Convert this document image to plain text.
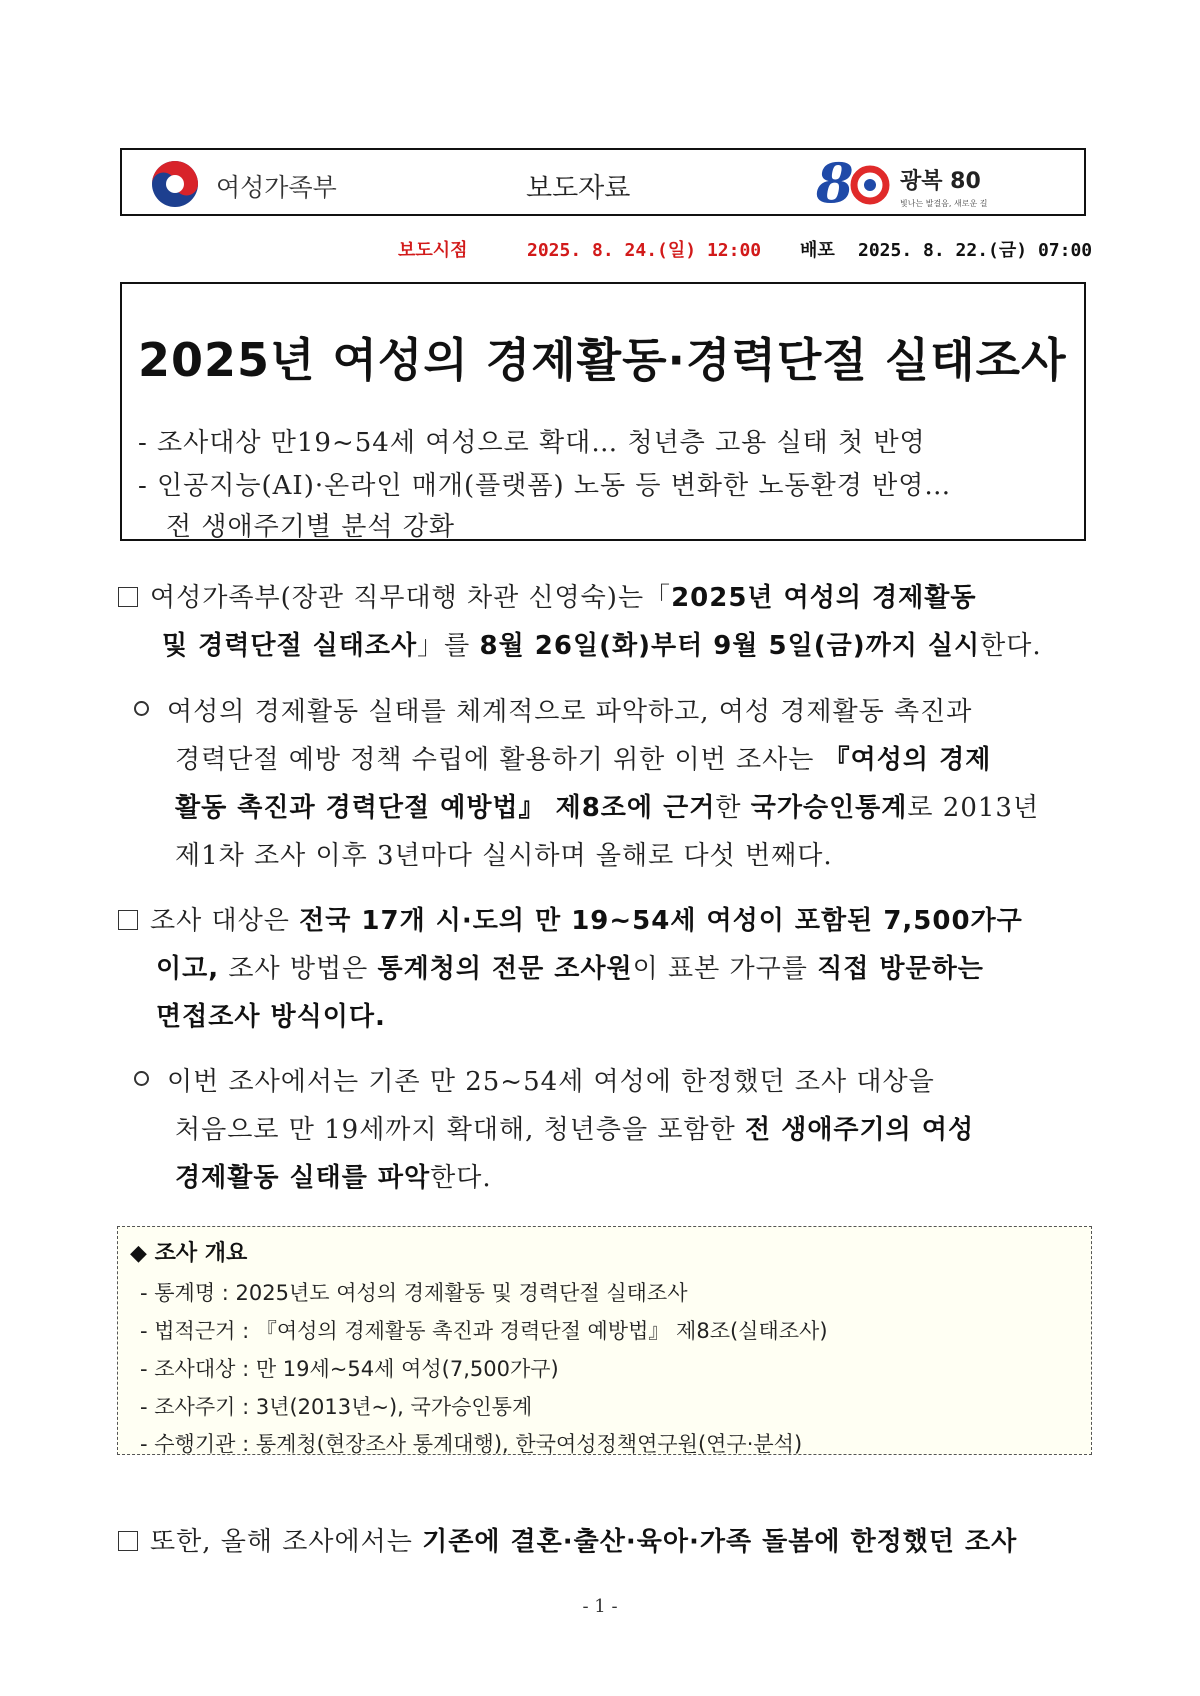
여성가족부	보도자료	8 광복 80
빛나는 발걸음, 새로운 길
보도시점	2025. 8. 24.(일) 12:00 배포 2025. 8. 22.(금) 07:00
2025년 여성의 경제활동·경력단절 실태조사
- 조사대상 만19~54세 여성으로 확대… 청년층 고용 실태 첫 반영
- 인공지능(AI)·온라인 매개(플랫폼) 노동 등 변화한 노동환경 반영…
전 생애주기별 분석 강화
여성가족부(장관 직무대행 차관 신영숙)는「2025년 여성의 경제활동
및 경력단절 실태조사」를 8월 26일(화)부터 9월 5일(금)까지 실시한다.
여성의 경제활동 실태를 체계적으로 파악하고, 여성 경제활동 촉진과
경력단절 예방 정책 수립에 활용하기 위한 이번 조사는 『여성의 경제
활동 촉진과 경력단절 예방법』 제8조에 근거한 국가승인통계로 2013년
제1차 조사 이후 3년마다 실시하며 올해로 다섯 번째다.
조사 대상은 전국 17개 시·도의 만 19~54세 여성이 포함된 7,500가구
이고, 조사 방법은 통계청의 전문 조사원이 표본 가구를 직접 방문하는
면접조사 방식이다.
이번 조사에서는 기존 만 25~54세 여성에 한정했던 조사 대상을
처음으로 만 19세까지 확대해, 청년층을 포함한 전 생애주기의 여성
경제활동 실태를 파악한다.
◆ 조사 개요
- 통계명 : 2025년도 여성의 경제활동 및 경력단절 실태조사
- 법적근거 : 『여성의 경제활동 촉진과 경력단절 예방법』 제8조(실태조사)
- 조사대상 : 만 19세~54세 여성(7,500가구)
- 조사주기 : 3년(2013년~), 국가승인통계
- 수행기관 : 통계청(현장조사 통계대행), 한국여성정책연구원(연구·분석)
또한, 올해 조사에서는 기존에 결혼·출산·육아·가족 돌봄에 한정했던 조사
- 1 -
